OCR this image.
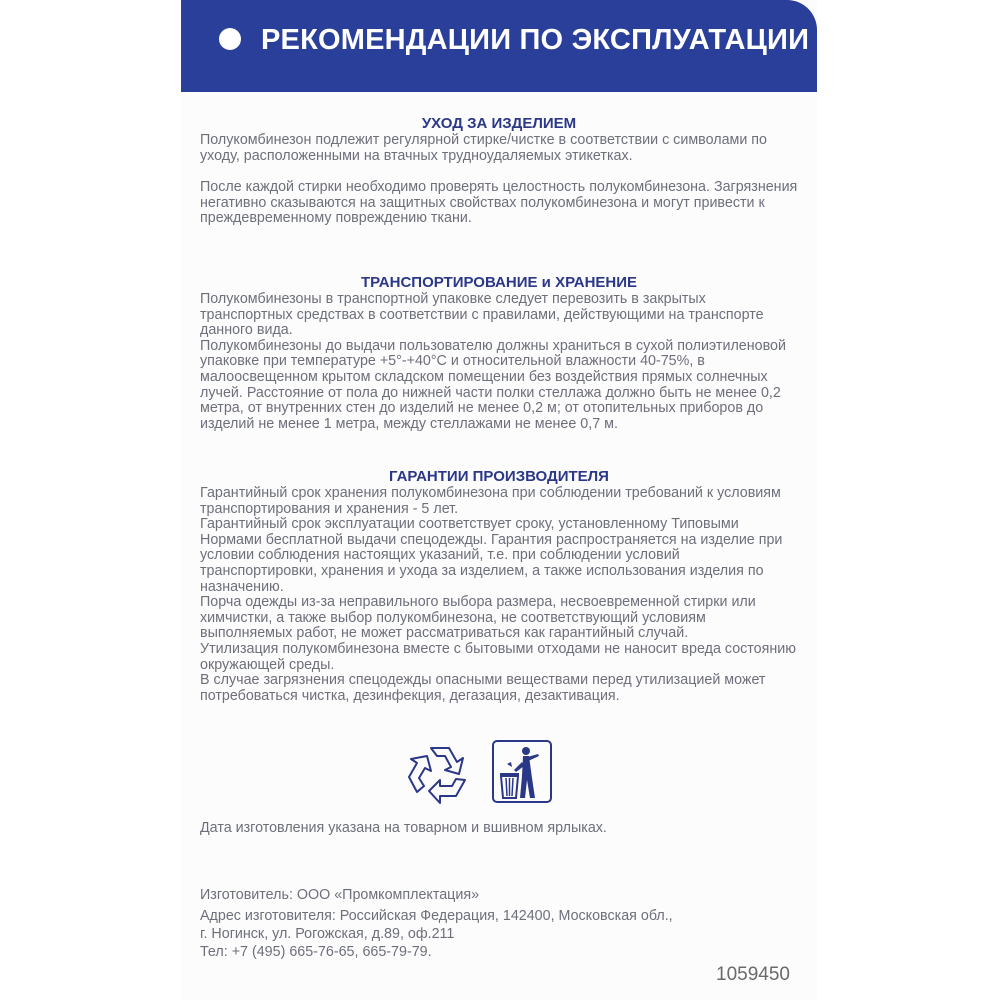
РЕКОМЕНДАЦИИ ПО ЭКСПЛУАТАЦИИ
УХОД ЗА ИЗДЕЛИЕМ

Полукомбинезон подлежит регулярной стирке/чистке в соответствии с символами по уходу, расположенными на втачных трудноудаляемых этикетках.

После каждой стирки необходимо проверять целостность полукомбинезона. Загрязнения негативно сказываются на защитных свойствах полукомбинезона и могут привести к преждевременному повреждению ткани.

ТРАНСПОРТИРОВАНИЕ и ХРАНЕНИЕ

Полукомбинезоны в транспортной упаковке следует перевозить в закрытых транспортных средствах в соответствии с правилами, действующими на транспорте данного вида.

Полукомбинезоны до выдачи пользователю должны храниться в сухой полиэтиленовой упаковке при температуре +5°-+40°С и относительной влажности 40-75%, в малоосвещенном крытом складском помещении без воздействия прямых солнечных лучей. Расстояние от пола до нижней части полки стеллажа должно быть не менее 0,2 метра, от внутренних стен до изделий не менее 0,2 м; от отопительных приборов до изделий не менее 1 метра, между стеллажами не менее 0,7 м.

ГАРАНТИИ ПРОИЗВОДИТЕЛЯ

Гарантийный срок хранения полукомбинезона при соблюдении требований к условиям транспортирования и хранения - 5 лет.

Гарантийный срок эксплуатации соответствует сроку, установленному Типовыми Нормами бесплатной выдачи спецодежды. Гарантия распространяется на изделие при условии соблюдения настоящих указаний, т.е. при соблюдении условий транспортировки, хранения и ухода за изделием, а также использования изделия по назначению.

Порча одежды из-за неправильного выбора размера, несвоевременной стирки или химчистки, а также выбор полукомбинезона, не соответствующий условиям выполняемых работ, не может рассматриваться как гарантийный случай.

Утилизация полукомбинезона вместе с бытовыми отходами не наносит вреда состоянию окружающей среды.

В случае загрязнения спецодежды опасными веществами перед утилизацией может потребоваться чистка, дезинфекция, дегазация, дезактивация.

Дата изготовления указана на товарном и вшивном ярлыках.
Изготовитель: ООО «Промкомплектация»
Адрес изготовителя: Российская Федерация, 142400, Московская обл.,
г. Ногинск, ул. Рогожская, д.89, оф.211
Тел: +7 (495) 665-76-65, 665-79-79.
1059450
